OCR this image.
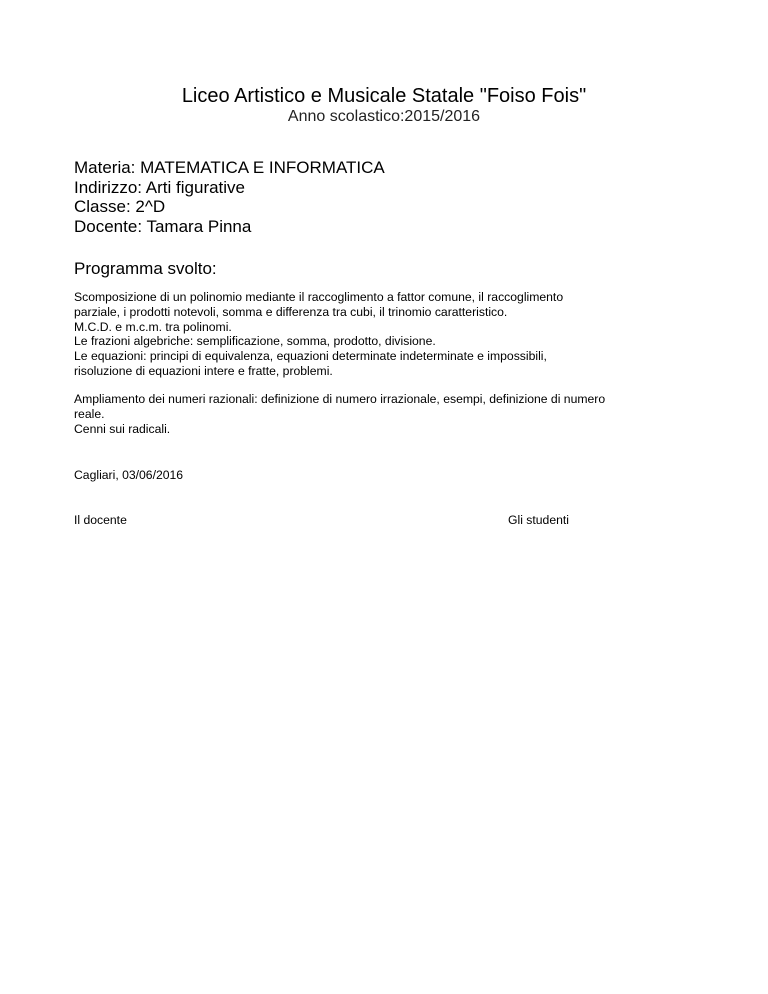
Liceo Artistico e Musicale Statale "Foiso Fois"
Anno scolastico:2015/2016
Materia: MATEMATICA E INFORMATICA
Indirizzo: Arti figurative
Classe: 2^D
Docente: Tamara Pinna
Programma svolto:
Scomposizione di un polinomio mediante il raccoglimento a fattor comune, il raccoglimento
parziale, i prodotti notevoli, somma e differenza tra cubi, il trinomio caratteristico.
M.C.D. e m.c.m. tra polinomi.
Le frazioni algebriche: semplificazione, somma, prodotto, divisione.
Le equazioni: principi di equivalenza, equazioni determinate indeterminate e impossibili,
risoluzione di equazioni intere e fratte, problemi.
Ampliamento dei numeri razionali: definizione di numero irrazionale, esempi, definizione di numero
reale.
Cenni sui radicali.
Cagliari, 03/06/2016
Il docente	Gli studenti
